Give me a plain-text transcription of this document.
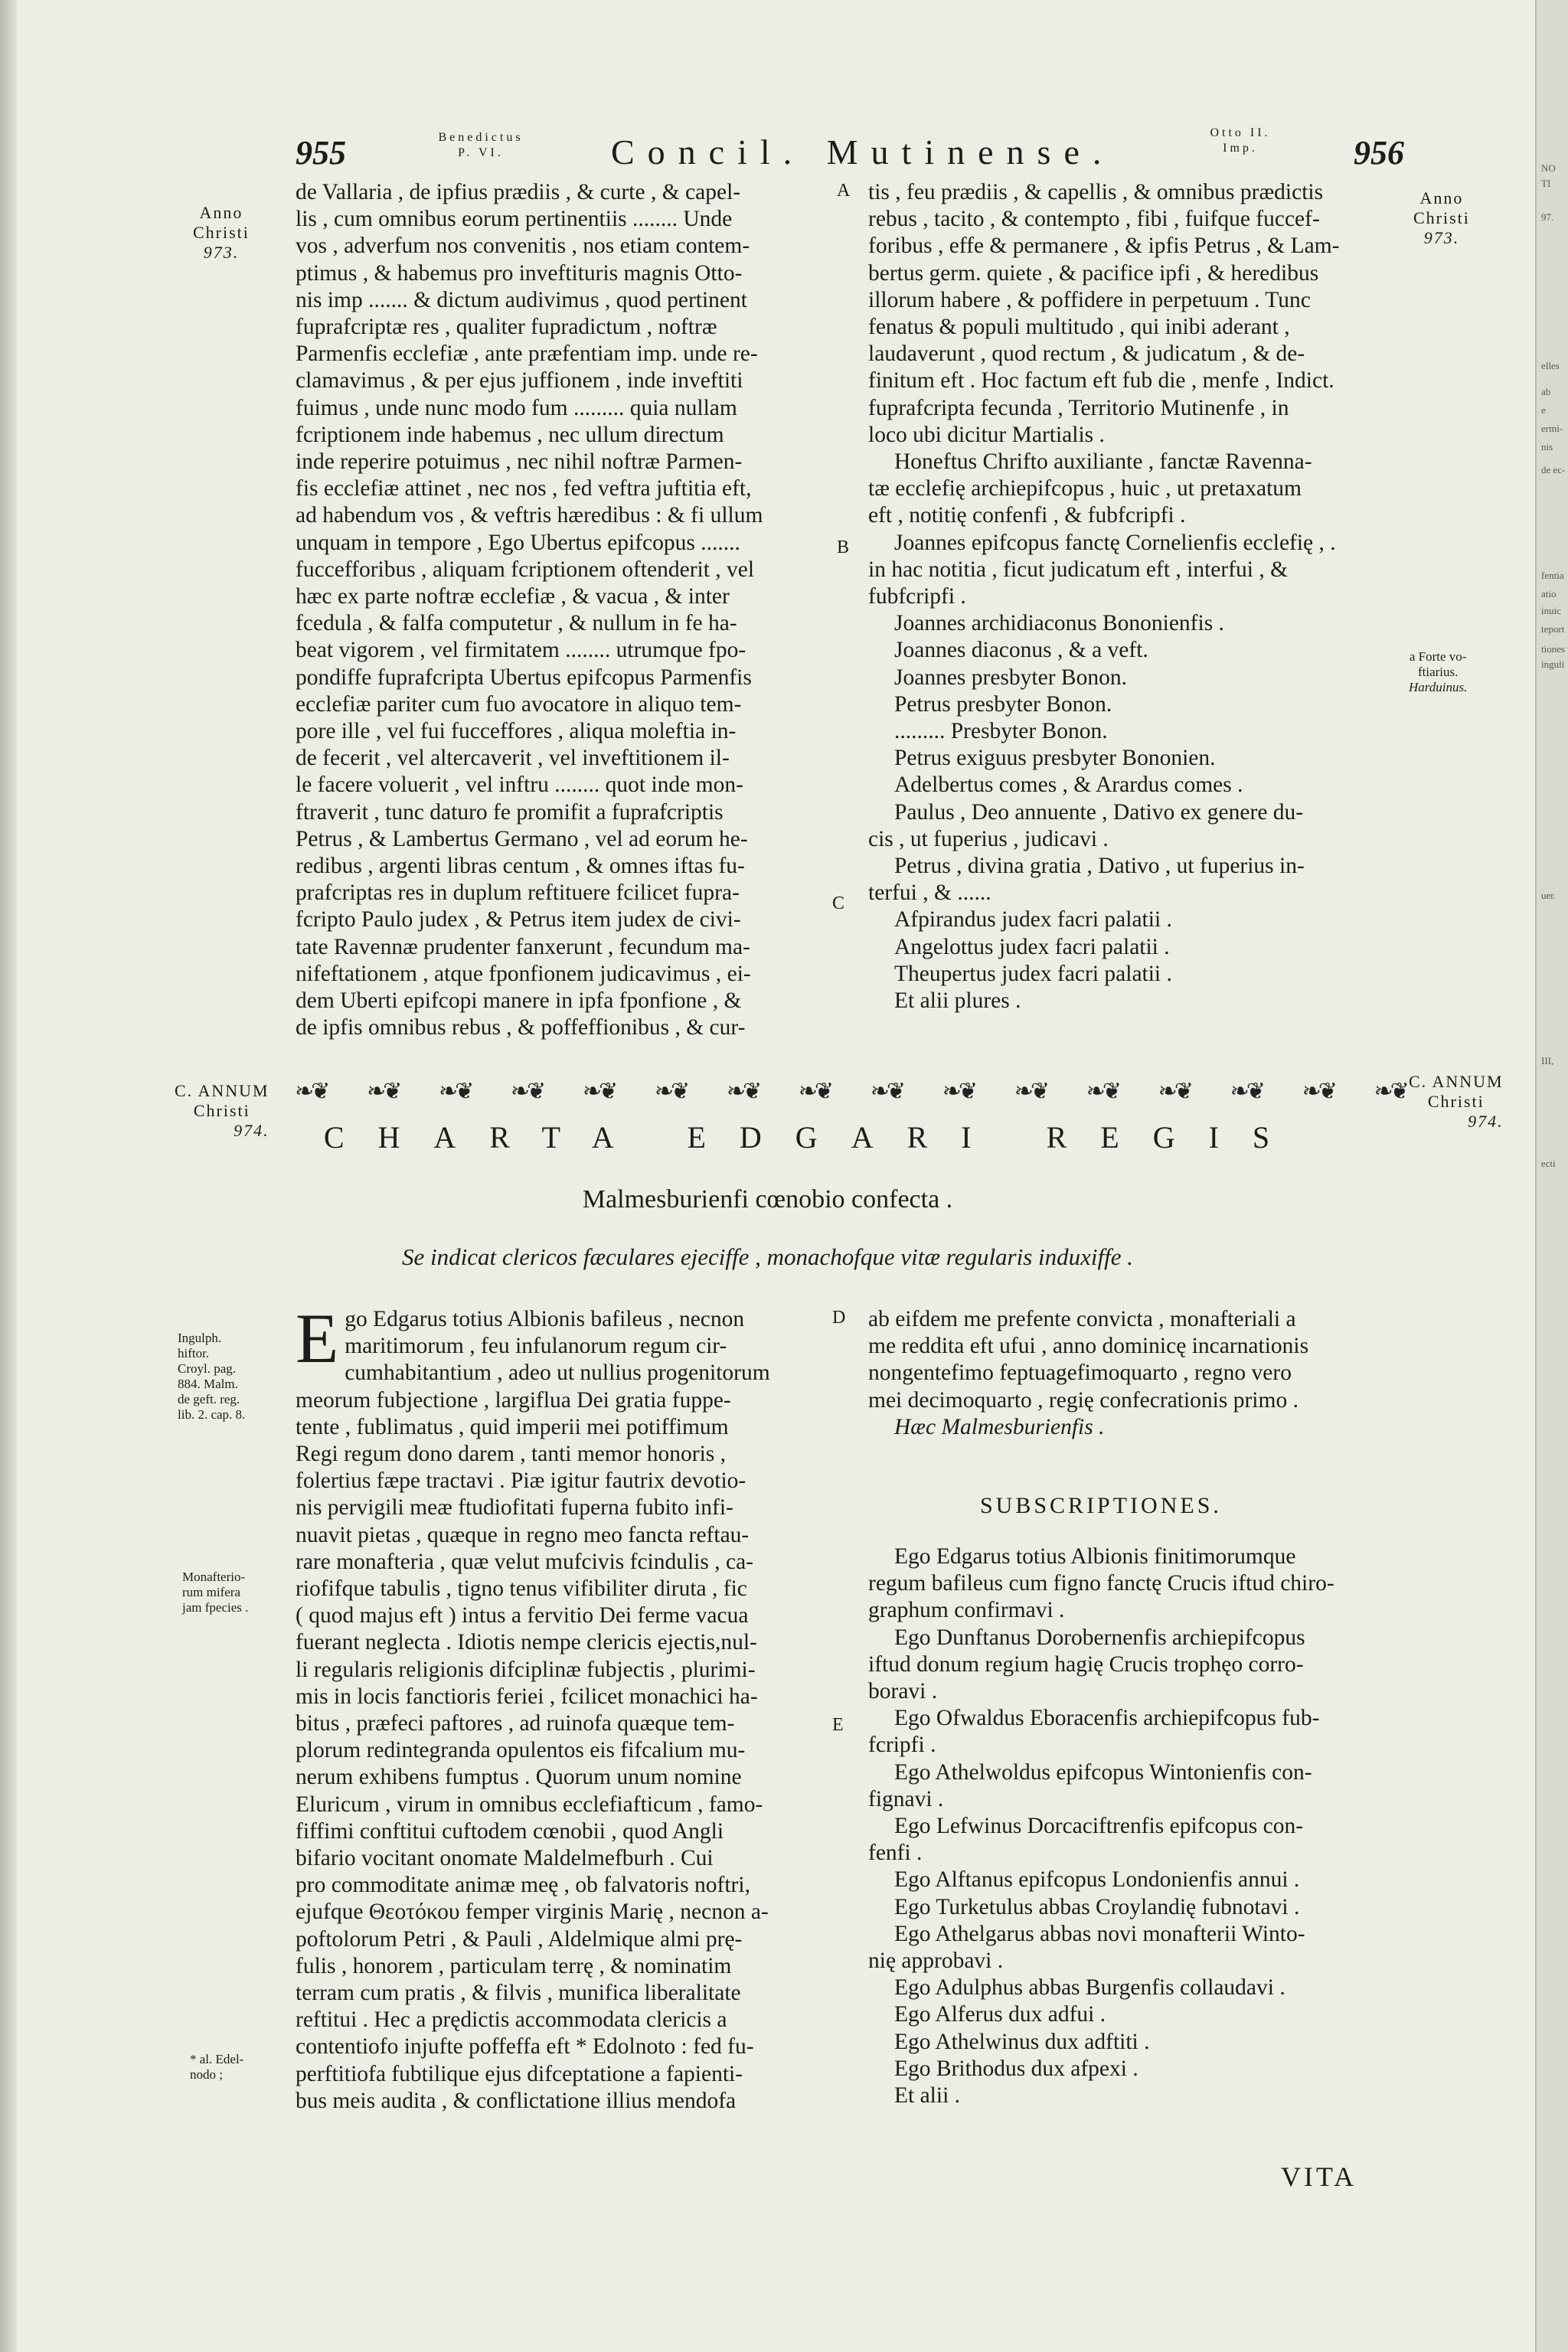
955	Benedictus
P. VI.	Concil. Mutinense.	Otto II.
Imp.	956
Anno
Christi
973.
Anno
Christi
973.
a Forte vo-
ftiarius.
Harduinus.
C. ANNUM
Christi
974.
C. ANNUM
Christi
974.
Ingulph.
hiftor.
Croyl. pag.
884. Malm.
de geft. reg.
lib. 2. cap. 8.
Monafterio-
rum mifera
jam fpecies .
* al. Edel-
nodo ;
A
B
C
D
E

de Vallaria , de ipfius prædiis , & curte , & capel-

lis , cum omnibus eorum pertinentiis ........ Unde

vos , adverfum nos convenitis , nos etiam contem-

ptimus , & habemus pro inveftituris magnis Otto-

nis imp ....... & dictum audivimus , quod pertinent

fuprafcriptæ res , qualiter fupradictum , noftræ

Parmenfis ecclefiæ , ante præfentiam imp. unde re-

clamavimus , & per ejus juffionem , inde inveftiti

fuimus , unde nunc modo fum ......... quia nullam

fcriptionem inde habemus , nec ullum directum

inde reperire potuimus , nec nihil noftræ Parmen-

fis ecclefiæ attinet , nec nos , fed veftra juftitia eft,

ad habendum vos , & veftris hæredibus : & fi ullum

unquam in tempore , Ego Ubertus epifcopus .......

fuccefforibus , aliquam fcriptionem oftenderit , vel

hæc ex parte noftræ ecclefiæ , & vacua , & inter

fcedula , & falfa computetur , & nullum in fe ha-

beat vigorem , vel firmitatem ........ utrumque fpo-

pondiffe fuprafcripta Ubertus epifcopus Parmenfis

ecclefiæ pariter cum fuo avocatore in aliquo tem-

pore ille , vel fui fucceffores , aliqua moleftia in-

de fecerit , vel altercaverit , vel inveftitionem il-

le facere voluerit , vel inftru ........ quot inde mon-

ftraverit , tunc daturo fe promifit a fuprafcriptis

Petrus , & Lambertus Germano , vel ad eorum he-

redibus , argenti libras centum , & omnes iftas fu-

prafcriptas res in duplum reftituere fcilicet fupra-

fcripto Paulo judex , & Petrus item judex de civi-

tate Ravennæ prudenter fanxerunt , fecundum ma-

nifeftationem , atque fponfionem judicavimus , ei-

dem Uberti epifcopi manere in ipfa fponfione , &

de ipfis omnibus rebus , & poffeffionibus , & cur-

tis , feu prædiis , & capellis , & omnibus prædictis

rebus , tacito , & contempto , fibi , fuifque fuccef-

foribus , effe & permanere , & ipfis Petrus , & Lam-

bertus germ. quiete , & pacifice ipfi , & heredibus

illorum habere , & poffidere in perpetuum . Tunc

fenatus & populi multitudo , qui inibi aderant ,

laudaverunt , quod rectum , & judicatum , & de-

finitum eft . Hoc factum eft fub die , menfe , Indict.

fuprafcripta fecunda , Territorio Mutinenfe , in

loco ubi dicitur Martialis .

Honeftus Chrifto auxiliante , fanctæ Ravenna-

tæ ecclefię archiepifcopus , huic , ut pretaxatum

eft , notitię confenfi , & fubfcripfi .

Joannes epifcopus fanctę Cornelienfis ecclefię , .

in hac notitia , ficut judicatum eft , interfui , &

fubfcripfi .

Joannes archidiaconus Bononienfis .

Joannes diaconus , & a veft.

Joannes presbyter Bonon.

Petrus presbyter Bonon.

......... Presbyter Bonon.

Petrus exiguus presbyter Bononien.

Adelbertus comes , & Arardus comes .

Paulus , Deo annuente , Dativo ex genere du-

cis , ut fuperius , judicavi .

Petrus , divina gratia , Dativo , ut fuperius in-

terfui , & ......

Afpirandus judex facri palatii .

Angelottus judex facri palatii .

Theupertus judex facri palatii .

Et alii plures .

❧❦ ❧❦ ❧❦ ❧❦ ❧❦ ❧❦ ❧❦ ❧❦ ❧❦ ❧❦ ❧❦ ❧❦ ❧❦ ❧❦ ❧❦ ❧❦
CHARTA EDGARI REGIS
Malmesburienfi cœnobio confecta .
Se indicat clericos fæculares ejeciffe , monachofque vitæ regularis induxiffe .
E go Edgarus totius Albionis bafileus , necnon

maritimorum , feu infulanorum regum cir-

cumhabitantium , adeo ut nullius progenitorum

meorum fubjectione , largiflua Dei gratia fuppe-

tente , fublimatus , quid imperii mei potiffimum

Regi regum dono darem , tanti memor honoris ,

folertius fæpe tractavi . Piæ igitur fautrix devotio-

nis pervigili meæ ftudiofitati fuperna fubito infi-

nuavit pietas , quæque in regno meo fancta reftau-

rare monafteria , quæ velut mufcivis fcindulis , ca-

riofifque tabulis , tigno tenus vifibiliter diruta , fic

( quod majus eft ) intus a fervitio Dei ferme vacua

fuerant neglecta . Idiotis nempe clericis ejectis,nul-

li regularis religionis difciplinæ fubjectis , plurimi-

mis in locis fanctioris feriei , fcilicet monachici ha-

bitus , præfeci paftores , ad ruinofa quæque tem-

plorum redintegranda opulentos eis fifcalium mu-

nerum exhibens fumptus . Quorum unum nomine

Eluricum , virum in omnibus ecclefiafticum , famo-

fiffimi conftitui cuftodem cœnobii , quod Angli

bifario vocitant onomate Maldelmefburh . Cui

pro commoditate animæ meę , ob falvatoris noftri,

ejufque Θεοτόκου femper virginis Marię , necnon a-

poftolorum Petri , & Pauli , Aldelmique almi prę-

fulis , honorem , particulam terrę , & nominatim

terram cum pratis , & filvis , munifica liberalitate

reftitui . Hec a prędictis accommodata clericis a

contentiofo injufte poffeffa eft * Edolnoto : fed fu-

perftitiofa fubtilique ejus difceptatione a fapienti-

bus meis audita , & conflictatione illius mendofa

ab eifdem me prefente convicta , monafteriali a

me reddita eft ufui , anno dominicę incarnationis

nongentefimo feptuagefimoquarto , regno vero

mei decimoquarto , regię confecrationis primo .

Hæc Malmesburienfis .

SUBSCRIPTIONES.

Ego Edgarus totius Albionis finitimorumque

regum bafileus cum figno fanctę Crucis iftud chiro-

graphum confirmavi .

Ego Dunftanus Dorobernenfis archiepifcopus

iftud donum regium hagię Crucis trophęo corro-

boravi .

Ego Ofwaldus Eboracenfis archiepifcopus fub-

fcripfi .

Ego Athelwoldus epifcopus Wintonienfis con-

fignavi .

Ego Lefwinus Dorcaciftrenfis epifcopus con-

fenfi .

Ego Alftanus epifcopus Londonienfis annui .

Ego Turketulus abbas Croylandię fubnotavi .

Ego Athelgarus abbas novi monafterii Winto-

nię approbavi .

Ego Adulphus abbas Burgenfis collaudavi .

Ego Alferus dux adfui .

Ego Athelwinus dux adftiti .

Ego Brithodus dux afpexi .

Et alii .

VITA
NO
TI
97.
elles
ab
e
ermi-
nis
de ec-
fentia
atio
inuic
teport
tiones
inguli
uer.
III,
ecti
